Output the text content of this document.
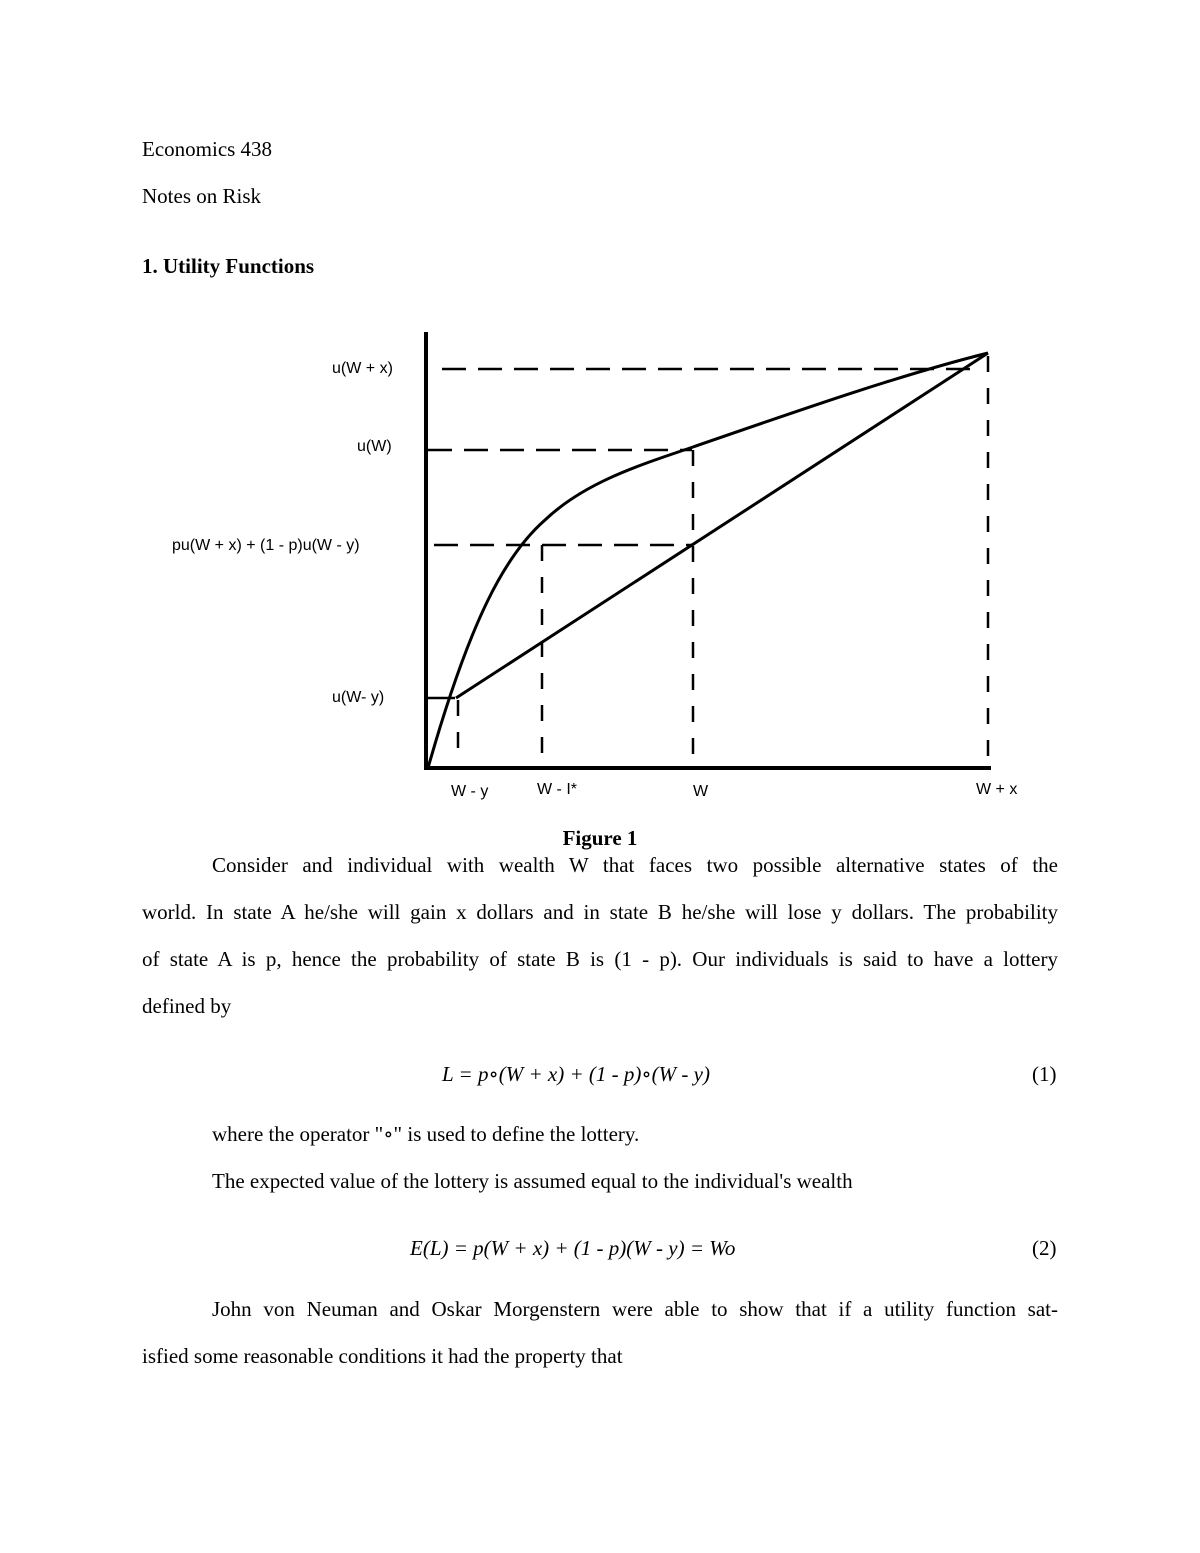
Economics 438
Notes on Risk
1. Utility Functions
u(W + x)
u(W)
pu(W + x) + (1 - p)u(W - y)
u(W- y)
W - y	W - I*	W	W + x
Figure 1
Consider and individual with wealth W that faces two possible alternative states of the
world. In state A he/she will gain x dollars and in state B he/she will lose y dollars. The probability
of state A is p, hence the probability of state B is (1 - p). Our individuals is said to have a lottery
defined by
L = p∘(W + x) + (1 - p)∘(W - y)	(1)
where the operator "∘" is used to define the lottery.
The expected value of the lottery is assumed equal to the individual's wealth
E(L) = p(W + x) + (1 - p)(W - y) = Wo	(2)
John von Neuman and Oskar Morgenstern were able to show that if a utility function sat-
isfied some reasonable conditions it had the property that
